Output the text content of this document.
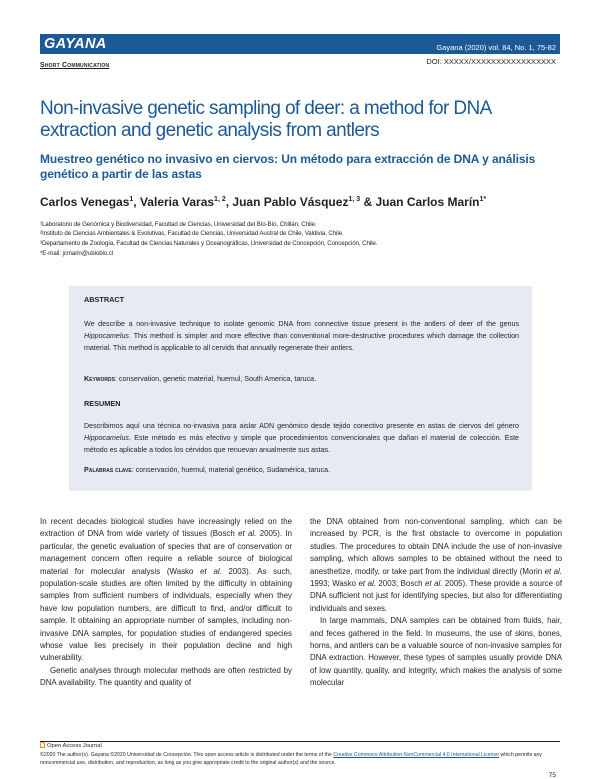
GAYANA	Gayana (2020) vol. 84, No. 1, 75-82
DOI: XXXXX/XXXXXXXXXXXXXXXXX
Short Communication
Non-invasive genetic sampling of deer: a method for DNA extraction and genetic analysis from antlers
Muestreo genético no invasivo en ciervos: Un método para extracción de DNA y análisis genético a partir de las astas
Carlos Venegas$^1$, Valeria Varas$^{1, 2}$, Juan Pablo Vásquez$^{1, 3}$ & Juan Carlos Marín$^{1*}$
¹Laboratorio de Genómica y Biodiversidad, Facultad de Ciencias, Universidad del Bío-Bío, Chillán, Chile.
²Instituto de Ciencias Ambientales & Evolutivas, Facultad de Ciencias, Universidad Austral de Chile, Valdivia, Chile.
³Departamento de Zoología, Facultad de Ciencias Naturales y Oceanográficas, Universidad de Concepción, Concepción, Chile.
*E-mail: jcmarin@ubiobio.cl
ABSTRACT
We describe a non-invasive technique to isolate genomic DNA from connective tissue present in the antlers of deer of the genus Hippocamelus. This method is simpler and more effective than conventional more-destructive procedures which damage the collection material. This method is applicable to all cervids that annually regenerate their antlers.
Keywords: conservation, genetic material, huemul, South America, taruca.
RESUMEN
Describimos aquí una técnica no-invasiva para aislar ADN genómico desde tejido conectivo presente en astas de ciervos del género Hippocamelus. Este método es más efectivo y simple que procedimientos convencionales que dañan el material de colección. Este método es aplicable a todos los cérvidos que renuevan anualmente sus astas.
Palabras clave: conservación, huemul, material genético, Sudamérica, taruca.

In recent decades biological studies have increasingly relied on the extraction of DNA from wide variety of tissues (Bosch et al. 2005). In particular, the genetic evaluation of species that are of conservation or management concern often require a reliable source of biological material for molecular analysis (Wasko et al. 2003). As such, population-scale studies are often limited by the difficulty in obtaining samples from sufficient numbers of individuals, especially when they have low population numbers, are difficult to find, and/or difficult to sample. It obtaining an appropriate number of samples, including non-invasive DNA samples, for population studies of endangered species whose value lies precisely in their population decline and high vulnerability.

Genetic analyses through molecular methods are often restricted by DNA availability. The quantity and quality of

the DNA obtained from non-conventional sampling, which can be increased by PCR, is the first obstacle to overcome in population studies. The procedures to obtain DNA include the use of non-invasive sampling, which allows samples to be obtained without the need to anesthetize, modify, or take part from the individual directly (Morin et al. 1993; Wasko et al. 2003; Bosch et al. 2005). These provide a source of DNA sufficient not just for identifying species, but also for differentiating individuals and sexes.

In large mammals, DNA samples can be obtained from fluids, hair, and feces gathered in the field. In museums, the use of skins, bones, horns, and antlers can be a valuable source of non-invasive samples for DNA extraction. However, these types of samples usually provide DNA of low quantity, quality, and integrity, which makes the analysis of some molecular

Open Access Journal
©2020 The author(s). Gayana ©2020 Universidad de Concepción. This open access article is distributed under the terms of the Creative Commons Attribution-NonCommercial 4.0 International License which permits any noncommercial use, distribution, and reproduction, as long as you give appropriate credit to the original author(s) and the source.
75
